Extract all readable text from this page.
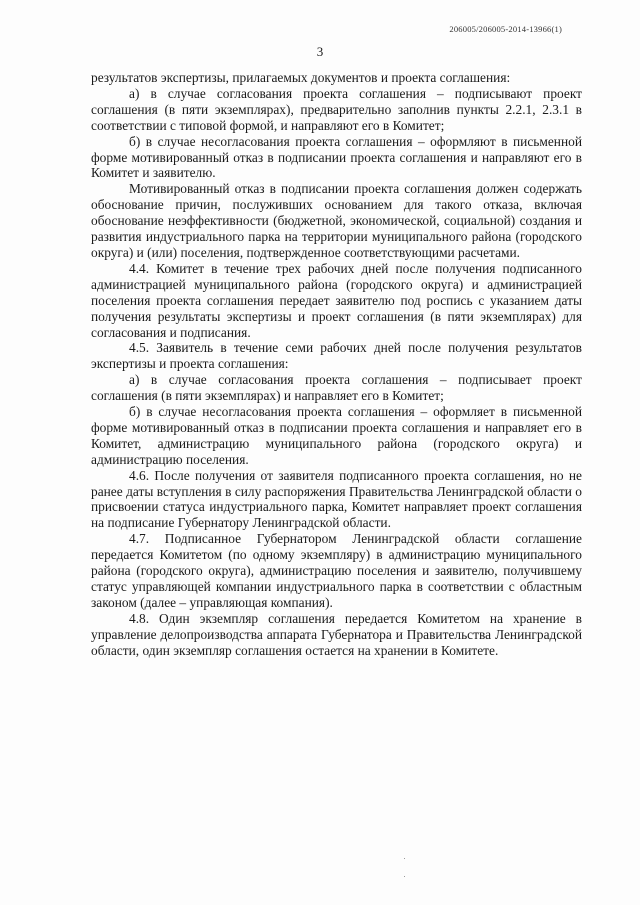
206005/206005-2014-13966(1)
3

результатов экспертизы, прилагаемых документов и проекта соглашения:

а) в случае согласования проекта соглашения – подписывают проект соглашения (в пяти экземплярах), предварительно заполнив пункты 2.2.1, 2.3.1 в соответствии с типовой формой, и направляют его в Комитет;

б) в случае несогласования проекта соглашения – оформляют в письменной форме мотивированный отказ в подписании проекта соглашения и направляют его в Комитет и заявителю.

Мотивированный отказ в подписании проекта соглашения должен содержать обоснование причин, послуживших основанием для такого отказа, включая обоснование неэффективности (бюджетной, экономической, социальной) создания и развития индустриального парка на территории муниципального района (городского округа) и (или) поселения, подтвержденное соответствующими расчетами.

4.4. Комитет в течение трех рабочих дней после получения подписанного администрацией муниципального района (городского округа) и администрацией поселения проекта соглашения передает заявителю под роспись с указанием даты получения результаты экспертизы и проект соглашения (в пяти экземплярах) для согласования и подписания.

4.5. Заявитель в течение семи рабочих дней после получения результатов экспертизы и проекта соглашения:

а) в случае согласования проекта соглашения – подписывает проект соглашения (в пяти экземплярах) и направляет его в Комитет;

б) в случае несогласования проекта соглашения – оформляет в письменной форме мотивированный отказ в подписании проекта соглашения и направляет его в Комитет, администрацию муниципального района (городского округа) и администрацию поселения.

4.6. После получения от заявителя подписанного проекта соглашения, но не ранее даты вступления в силу распоряжения Правительства Ленинградской области о присвоении статуса индустриального парка, Комитет направляет проект соглашения на подписание Губернатору Ленинградской области.

4.7. Подписанное Губернатором Ленинградской области соглашение передается Комитетом (по одному экземпляру) в администрацию муниципального района (городского округа), администрацию поселения и заявителю, получившему статус управляющей компании индустриального парка в соответствии с областным законом (далее – управляющая компания).

4.8. Один экземпляр соглашения передается Комитетом на хранение в управление делопроизводства аппарата Губернатора и Правительства Ленинградской области, один экземпляр соглашения остается на хранении в Комитете.
